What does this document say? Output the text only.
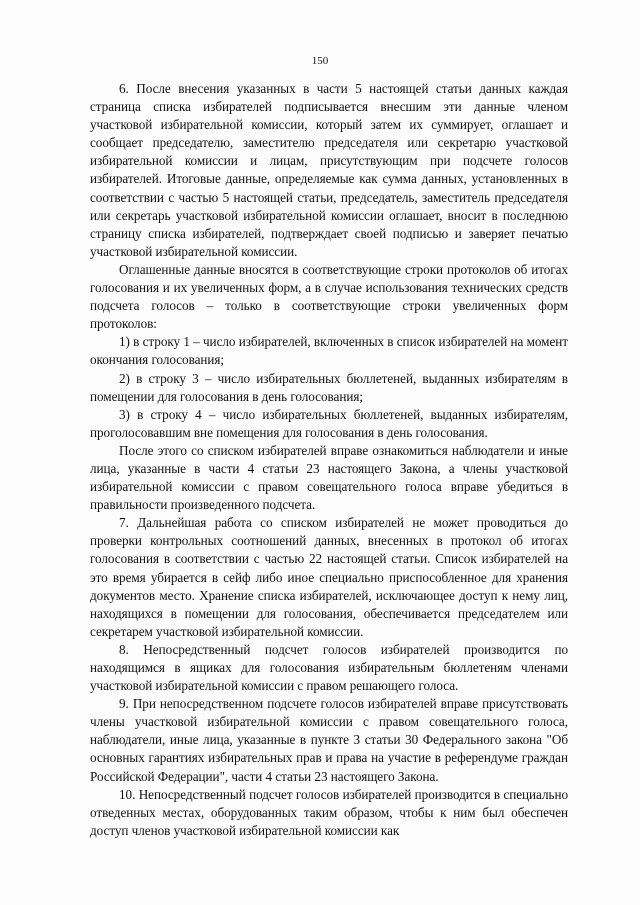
150

6. После внесения указанных в части 5 настоящей статьи данных каждая страница списка избирателей подписывается внесшим эти данные членом участковой избирательной комиссии, который затем их суммирует, оглашает и сообщает председателю, заместителю председателя или секретарю участковой избирательной комиссии и лицам, присутствующим при подсчете голосов избирателей. Итоговые данные, определяемые как сумма данных, установленных в соответствии с частью 5 настоящей статьи, председатель, заместитель председателя или секретарь участковой избирательной комиссии оглашает, вносит в последнюю страницу списка избирателей, подтверждает своей подписью и заверяет печатью участковой избирательной комиссии.

Оглашенные данные вносятся в соответствующие строки протоколов об итогах голосования и их увеличенных форм, а в случае использования технических средств подсчета голосов – только в соответствующие строки увеличенных форм протоколов:

1) в строку 1 – число избирателей, включенных в список избирателей на момент окончания голосования;

2) в строку 3 – число избирательных бюллетеней, выданных избирателям в помещении для голосования в день голосования;

3) в строку 4 – число избирательных бюллетеней, выданных избирателям, проголосовавшим вне помещения для голосования в день голосования.

После этого со списком избирателей вправе ознакомиться наблюдатели и иные лица, указанные в части 4 статьи 23 настоящего Закона, а члены участковой избирательной комиссии с правом совещательного голоса вправе убедиться в правильности произведенного подсчета.

7. Дальнейшая работа со списком избирателей не может проводиться до проверки контрольных соотношений данных, внесенных в протокол об итогах голосования в соответствии с частью 22 настоящей статьи. Список избирателей на это время убирается в сейф либо иное специально приспособленное для хранения документов место. Хранение списка избирателей, исключающее доступ к нему лиц, находящихся в помещении для голосования, обеспечивается председателем или секретарем участковой избирательной комиссии.

8. Непосредственный подсчет голосов избирателей производится по находящимся в ящиках для голосования избирательным бюллетеням членами участковой избирательной комиссии с правом решающего голоса.

9. При непосредственном подсчете голосов избирателей вправе присутствовать члены участковой избирательной комиссии с правом совещательного голоса, наблюдатели, иные лица, указанные в пункте 3 статьи 30 Федерального закона "Об основных гарантиях избирательных прав и права на участие в референдуме граждан Российской Федерации", части 4 статьи 23 настоящего Закона.

10. Непосредственный подсчет голосов избирателей производится в специально отведенных местах, оборудованных таким образом, чтобы к ним был обеспечен доступ членов участковой избирательной комиссии как
